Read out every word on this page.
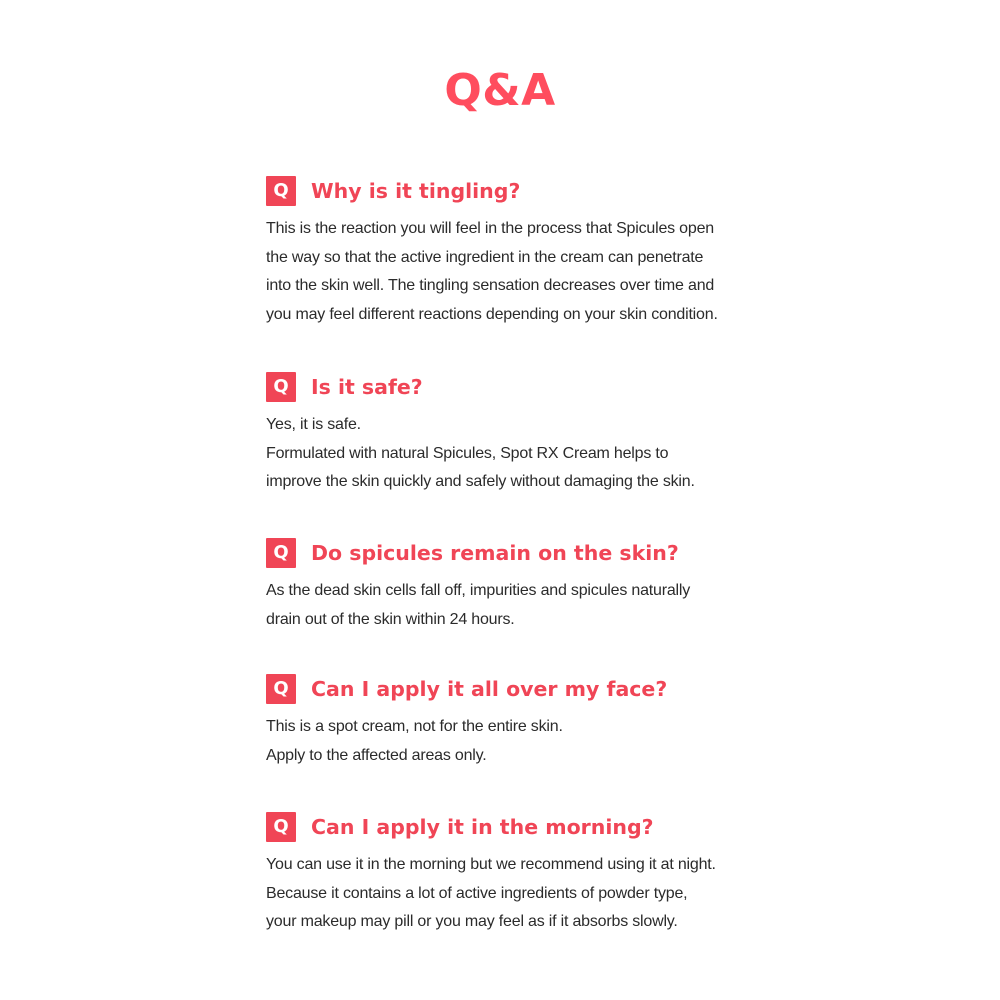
Q&A
Q	Why is it tingling?
This is the reaction you will feel in the process that Spicules open
the way so that the active ingredient in the cream can penetrate
into the skin well. The tingling sensation decreases over time and
you may feel different reactions depending on your skin condition.
Q	Is it safe?
Yes, it is safe.
Formulated with natural Spicules, Spot RX Cream helps to
improve the skin quickly and safely without damaging the skin.
Q	Do spicules remain on the skin?
As the dead skin cells fall off, impurities and spicules naturally
drain out of the skin within 24 hours.
Q	Can I apply it all over my face?
This is a spot cream, not for the entire skin.
Apply to the affected areas only.
Q	Can I apply it in the morning?
You can use it in the morning but we recommend using it at night.
Because it contains a lot of active ingredients of powder type,
your makeup may pill or you may feel as if it absorbs slowly.
